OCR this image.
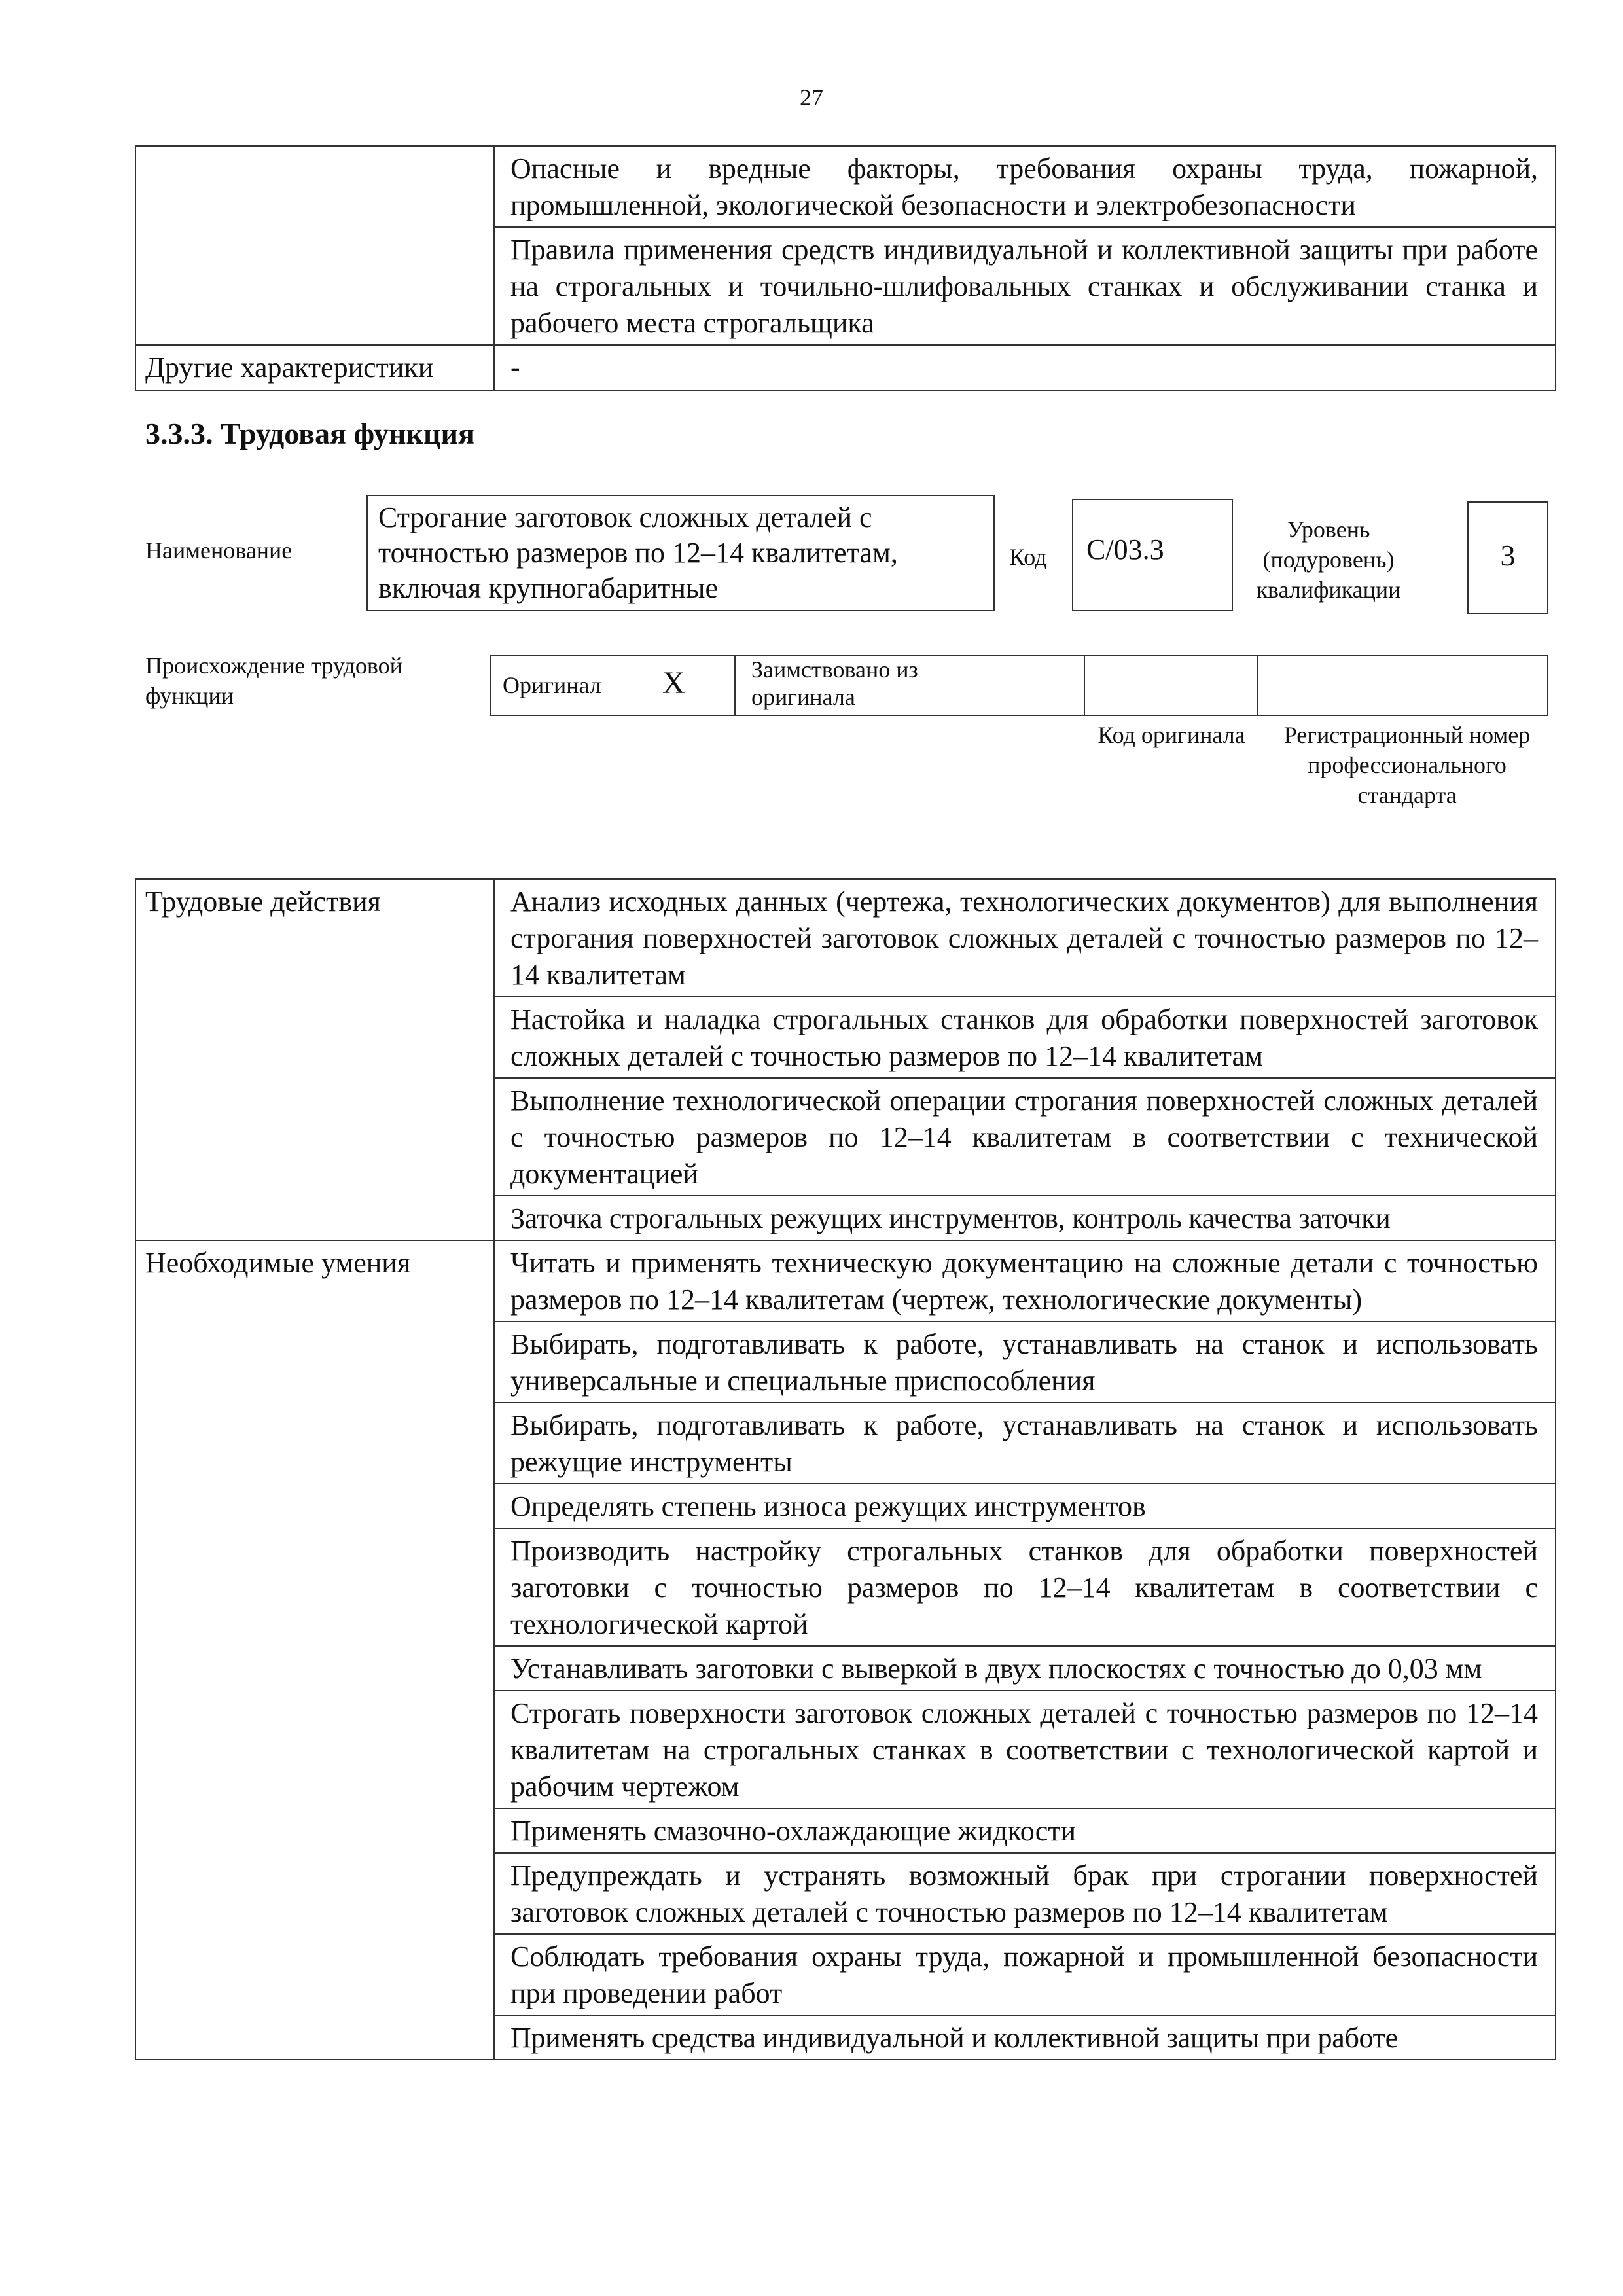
27
	Опасные и вредные факторы, требования охраны труда, пожарной, промышленной, экологической безопасности и электробезопасности
	Правила применения средств индивидуальной и коллективной защиты при работе на строгальных и точильно-шлифовальных станках и обслуживании станка и рабочего места строгальщика
Другие характеристики	-
3.3.3. Трудовая функция
Наименование
Строгание заготовок сложных деталей с точностью размеров по 12–14 квалитетам, включая крупногабаритные
Код	С/03.3
Уровень (подуровень) квалификации
3
Происхождение трудовой функции	Оригинал X	Заимствовано из оригинала
Код оригинала	Регистрационный номер профессионального стандарта
Трудовые действия	Анализ исходных данных (чертежа, технологических документов) для выполнения строгания поверхностей заготовок сложных деталей с точностью размеров по 12–14 квалитетам
	Настойка и наладка строгальных станков для обработки поверхностей заготовок сложных деталей с точностью размеров по 12–14 квалитетам
	Выполнение технологической операции строгания поверхностей сложных деталей с точностью размеров по 12–14 квалитетам в соответствии с технической документацией
	Заточка строгальных режущих инструментов, контроль качества заточки
Необходимые умения	Читать и применять техническую документацию на сложные детали с точностью размеров по 12–14 квалитетам (чертеж, технологические документы)
	Выбирать, подготавливать к работе, устанавливать на станок и использовать универсальные и специальные приспособления
	Выбирать, подготавливать к работе, устанавливать на станок и использовать режущие инструменты
	Определять степень износа режущих инструментов
	Производить настройку строгальных станков для обработки поверхностей заготовки с точностью размеров по 12–14 квалитетам в соответствии с технологической картой
	Устанавливать заготовки с выверкой в двух плоскостях с точностью до 0,03 мм
	Строгать поверхности заготовок сложных деталей с точностью размеров по 12–14 квалитетам на строгальных станках в соответствии с технологической картой и рабочим чертежом
	Применять смазочно-охлаждающие жидкости
	Предупреждать и устранять возможный брак при строгании поверхностей заготовок сложных деталей с точностью размеров по 12–14 квалитетам
	Соблюдать требования охраны труда, пожарной и промышленной безопасности при проведении работ
	Применять средства индивидуальной и коллективной защиты при работе
